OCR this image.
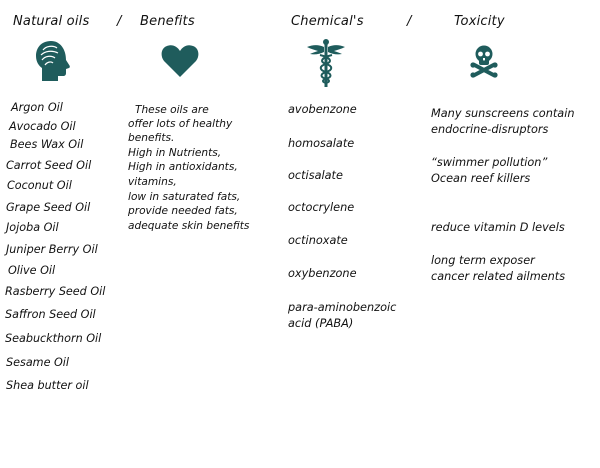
Natural oils / Benefits	Chemical's	/	Toxicity
Argon Oil
Avocado Oil
Bees Wax Oil
Carrot Seed Oil
Coconut Oil
Grape Seed Oil
Jojoba Oil
Juniper Berry Oil
Olive Oil
Rasberry Seed Oil
Saffron Seed Oil
Seabuckthorn Oil
Sesame Oil
Shea butter oil
These oils are
offer lots of healthy
benefits.
High in Nutrients,
High in antioxidants,
vitamins,
low in saturated fats,
provide needed fats,
adequate skin benefits
avobenzone
homosalate
octisalate
octocrylene
octinoxate
oxybenzone
para-aminobenzoic
acid (PABA)
Many sunscreens contain
endocrine-disruptors
“swimmer pollution”
Ocean reef killers
reduce vitamin D levels
long term exposer
cancer related ailments
